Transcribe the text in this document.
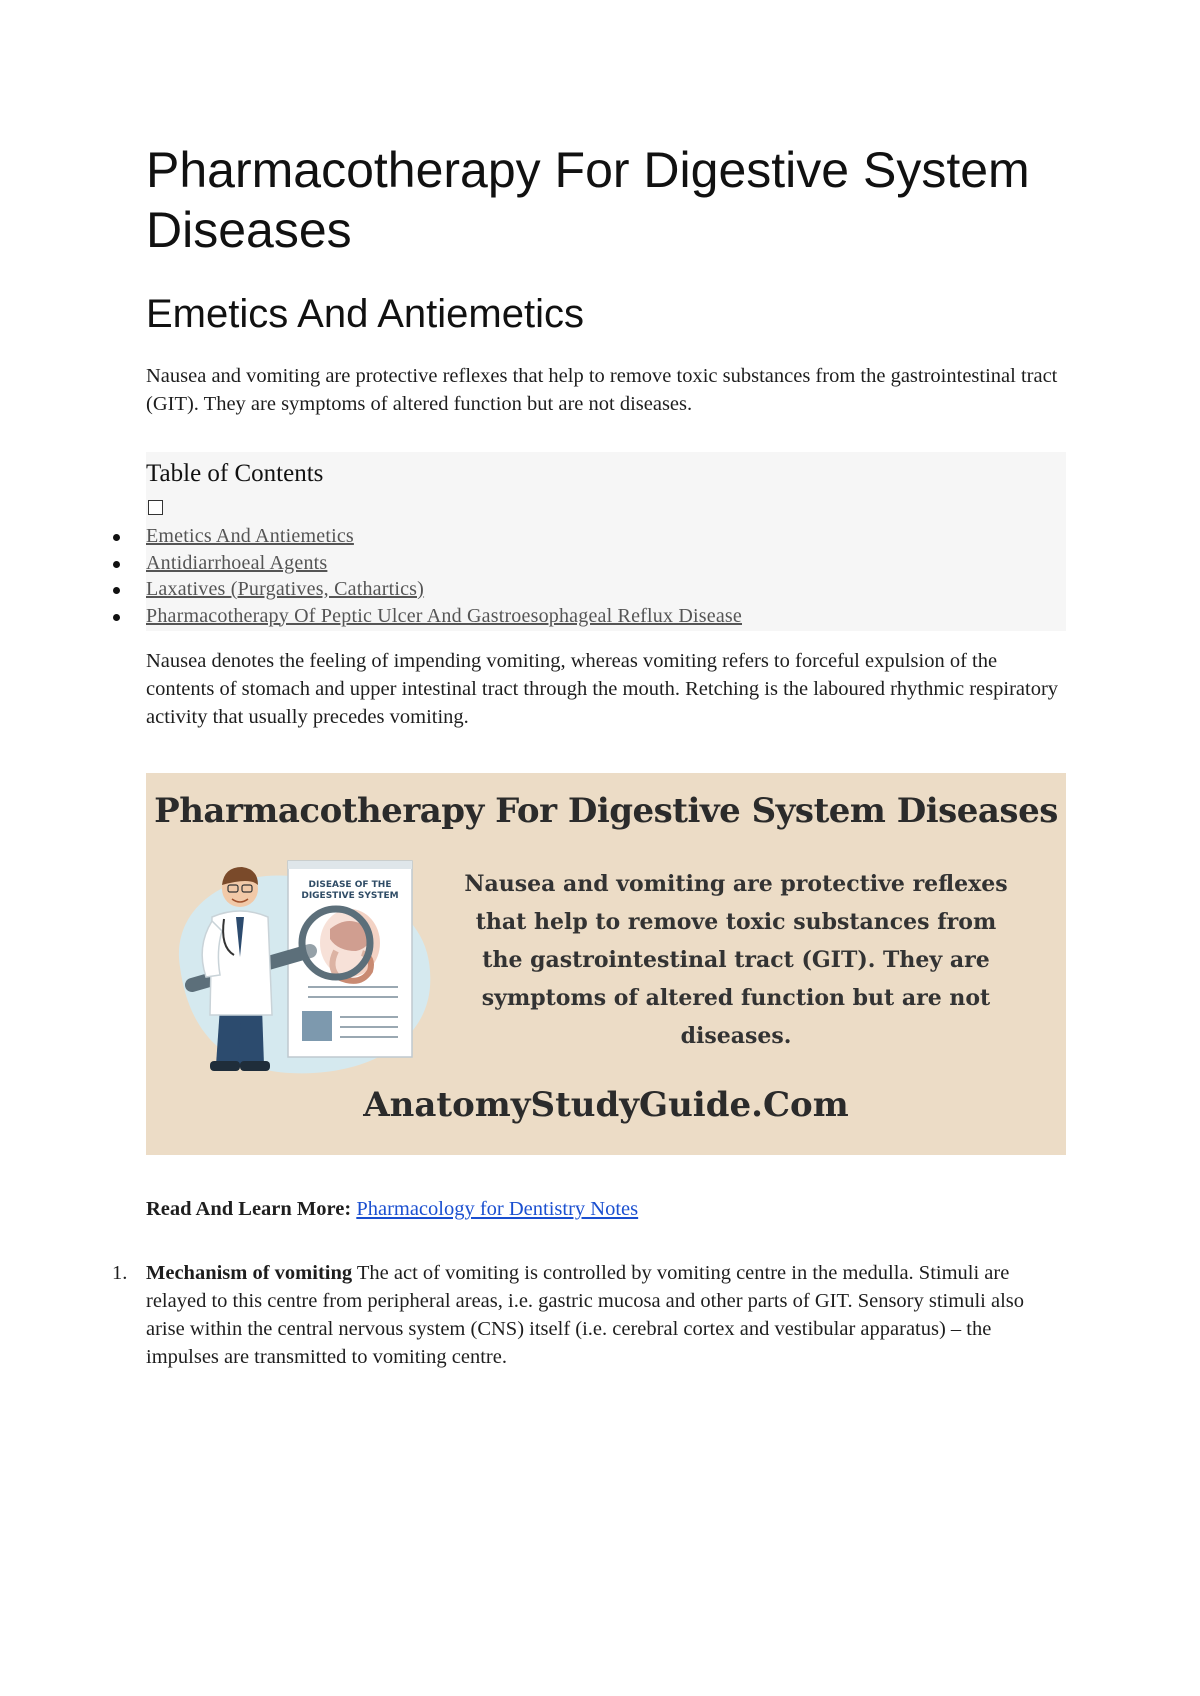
Pharmacotherapy For Digestive System Diseases
Emetics And Antiemetics

Nausea and vomiting are protective reflexes that help to remove toxic substances from the gastrointestinal tract (GIT). They are symptoms of altered function but are not diseases.

Table of Contents

Emetics And Antiemetics
Antidiarrhoeal Agents
Laxatives (Purgatives, Cathartics)
Pharmacotherapy Of Peptic Ulcer And Gastroesophageal Reflux Disease

Nausea denotes the feeling of impending vomiting, whereas vomiting refers to forceful expulsion of the contents of stomach and upper intestinal tract through the mouth. Retching is the laboured rhythmic respiratory activity that usually precedes vomiting.

Pharmacotherapy For Digestive System Diseases
DISEASE OF THE
DIGESTIVE SYSTEM	Nausea and vomiting are protective reflexes that help to remove toxic substances from the gastrointestinal tract (GIT). They are symptoms of altered function but are not diseases.
AnatomyStudyGuide.Com

Read And Learn More: Pharmacology for Dentistry Notes

1. Mechanism of vomiting The act of vomiting is controlled by vomiting centre in the medulla. Stimuli are relayed to this centre from peripheral areas, i.e. gastric mucosa and other parts of GIT. Sensory stimuli also arise within the central nervous system (CNS) itself (i.e. cerebral cortex and vestibular apparatus) – the impulses are transmitted to vomiting centre.
